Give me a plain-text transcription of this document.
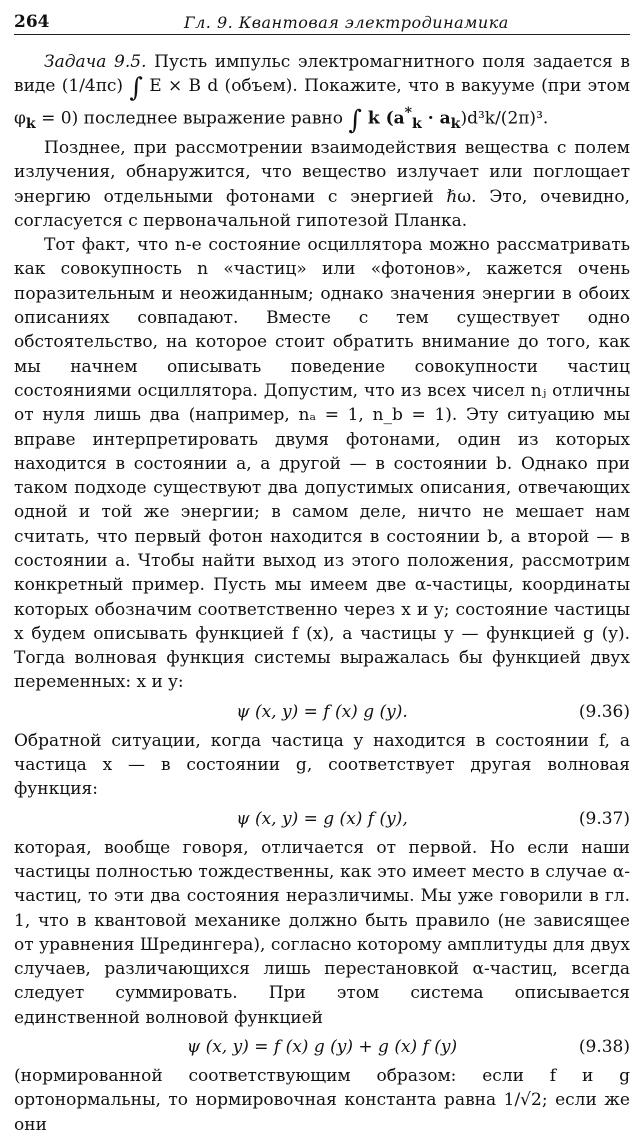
264	Гл. 9. Квантовая электродинамика

Задача 9.5. Пусть импульс электромагнитного поля задается в виде (1/4πc) ∫ E × B d (объем). Покажите, что в вакууме (при этом $\varphi_k = 0$) последнее выражение равно ∫ k $(a^*_k \cdot a_k)d^3k/(2\pi)^3$.

Позднее, при рассмотрении взаимодействия вещества с полем излучения, обнаружится, что вещество излучает или поглощает энергию отдельными фотонами с энергией ℏω. Это, очевидно, согласуется с первоначальной гипотезой Планка.

Тот факт, что n-е состояние осциллятора можно рассматривать как совокупность n «частиц» или «фотонов», кажется очень поразительным и неожиданным; однако значения энергии в обоих описаниях совпадают. Вместе с тем существует одно обстоятельство, на которое стоит обратить внимание до того, как мы начнем описывать поведение совокупности частиц состояниями осциллятора. Допустим, что из всех чисел nⱼ отличны от нуля лишь два (например, nₐ = 1, n_b = 1). Эту ситуацию мы вправе интерпретировать двумя фотонами, один из которых находится в состоянии a, а другой — в состоянии b. Однако при таком подходе существуют два допустимых описания, отвечающих одной и той же энергии; в самом деле, ничто не мешает нам считать, что первый фотон находится в состоянии b, а второй — в состоянии a. Чтобы найти выход из этого положения, рассмотрим конкретный пример. Пусть мы имеем две α-частицы, координаты которых обозначим соответственно через x и y; состояние частицы x будем описывать функцией f (x), а частицы y — функцией g (y). Тогда волновая функция системы выражалась бы функцией двух переменных: x и y:

ψ (x, y) = f (x) g (y).	(9.36)

Обратной ситуации, когда частица y находится в состоянии f, а частица x — в состоянии g, соответствует другая волновая функция:

ψ (x, y) = g (x) f (y),	(9.37)

которая, вообще говоря, отличается от первой. Но если наши частицы полностью тождественны, как это имеет место в случае α-частиц, то эти два состояния неразличимы. Мы уже говорили в гл. 1, что в квантовой механике должно быть правило (не зависящее от уравнения Шредингера), согласно которому амплитуды для двух случаев, различающихся лишь перестановкой α-частиц, всегда следует суммировать. При этом система описывается единственной волновой функцией

ψ (x, y) = f (x) g (y) + g (x) f (y)	(9.38)

(нормированной соответствующим образом: если f и g ортонормальны, то нормировочная константа равна 1/√2; если же они
